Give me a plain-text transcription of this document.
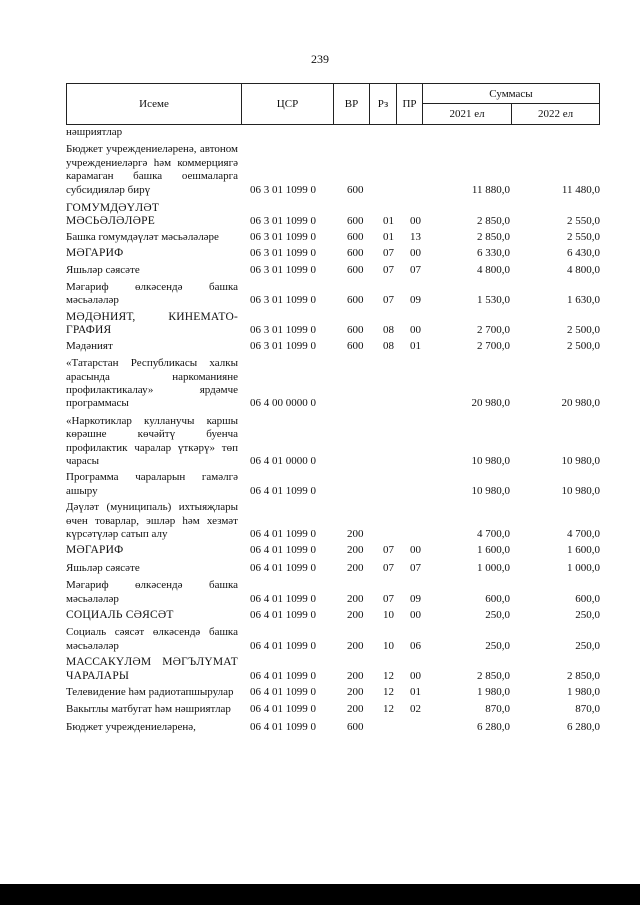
239
Исеме	ЦСР	ВР	Рз	ПР
Суммасы
2021 ел	2022 ел
нәшриятлар
Бюджет учреждениеләренә, автоном учреждениеләргә һәм коммерциягә карамаган башка оешмаларга субсидияләр бирү	06 3 01 1099 0	600	11 880,0	11 480,0
ГОМУМДӘҮЛӘТ МӘСЬӘЛӘЛӘРЕ	06 3 01 1099 0	600 01 00	2 850,0	2 550,0
Башка гомумдәүләт мәсьәләләре	06 3 01 1099 0	600 01 13	2 850,0	2 550,0
МӘГАРИФ	06 3 01 1099 0	600 07 00	6 330,0	6 430,0
Яшьләр сәясәте	06 3 01 1099 0	600 07 07	4 800,0	4 800,0
Мәгариф өлкәсендә башка мәсьәләләр	06 3 01 1099 0	600 07 09	1 530,0	1 630,0
МӘДӘНИЯТ, КИНЕМАТО-ГРАФИЯ	06 3 01 1099 0	600 08 00	2 700,0	2 500,0
Мәдәният	06 3 01 1099 0	600 08 01	2 700,0	2 500,0
«Татарстан Республикасы халкы арасында наркоманияне профилактикалау» ярдәмче программасы	06 4 00 0000 0	20 980,0	20 980,0
«Наркотиклар кулланучы каршы көрәшне көчәйтү буенча профилактик чаралар үткәрү» төп чарасы	06 4 01 0000 0	10 980,0	10 980,0
Программа чараларын гамәлгә ашыру	06 4 01 1099 0	10 980,0	10 980,0
Дәүләт (муниципаль) ихтыяҗлары өчен товарлар, эшләр һәм хезмәт күрсәтүләр сатып алу	06 4 01 1099 0	200	4 700,0	4 700,0
МӘГАРИФ	06 4 01 1099 0	200 07 00	1 600,0	1 600,0
Яшьләр сәясәте	06 4 01 1099 0	200 07 07	1 000,0	1 000,0
Мәгариф өлкәсендә башка мәсьәләләр	06 4 01 1099 0	200 07 09	600,0	600,0
СОЦИАЛЬ СӘЯСӘТ	06 4 01 1099 0	200 10 00	250,0	250,0
Социаль сәясәт өлкәсендә башка мәсьәләләр	06 4 01 1099 0	200 10 06	250,0	250,0
МАССАКҮЛӘМ МӘГЪЛҮМАТ ЧАРАЛАРЫ	06 4 01 1099 0	200 12 00	2 850,0	2 850,0
Телевидение һәм радиотапшырулар	06 4 01 1099 0	200 12 01	1 980,0	1 980,0
Вакытлы матбугат һәм нәшриятлар	06 4 01 1099 0	200 12 02	870,0	870,0
Бюджет учреждениеләренә,	06 4 01 1099 0	600	6 280,0	6 280,0
